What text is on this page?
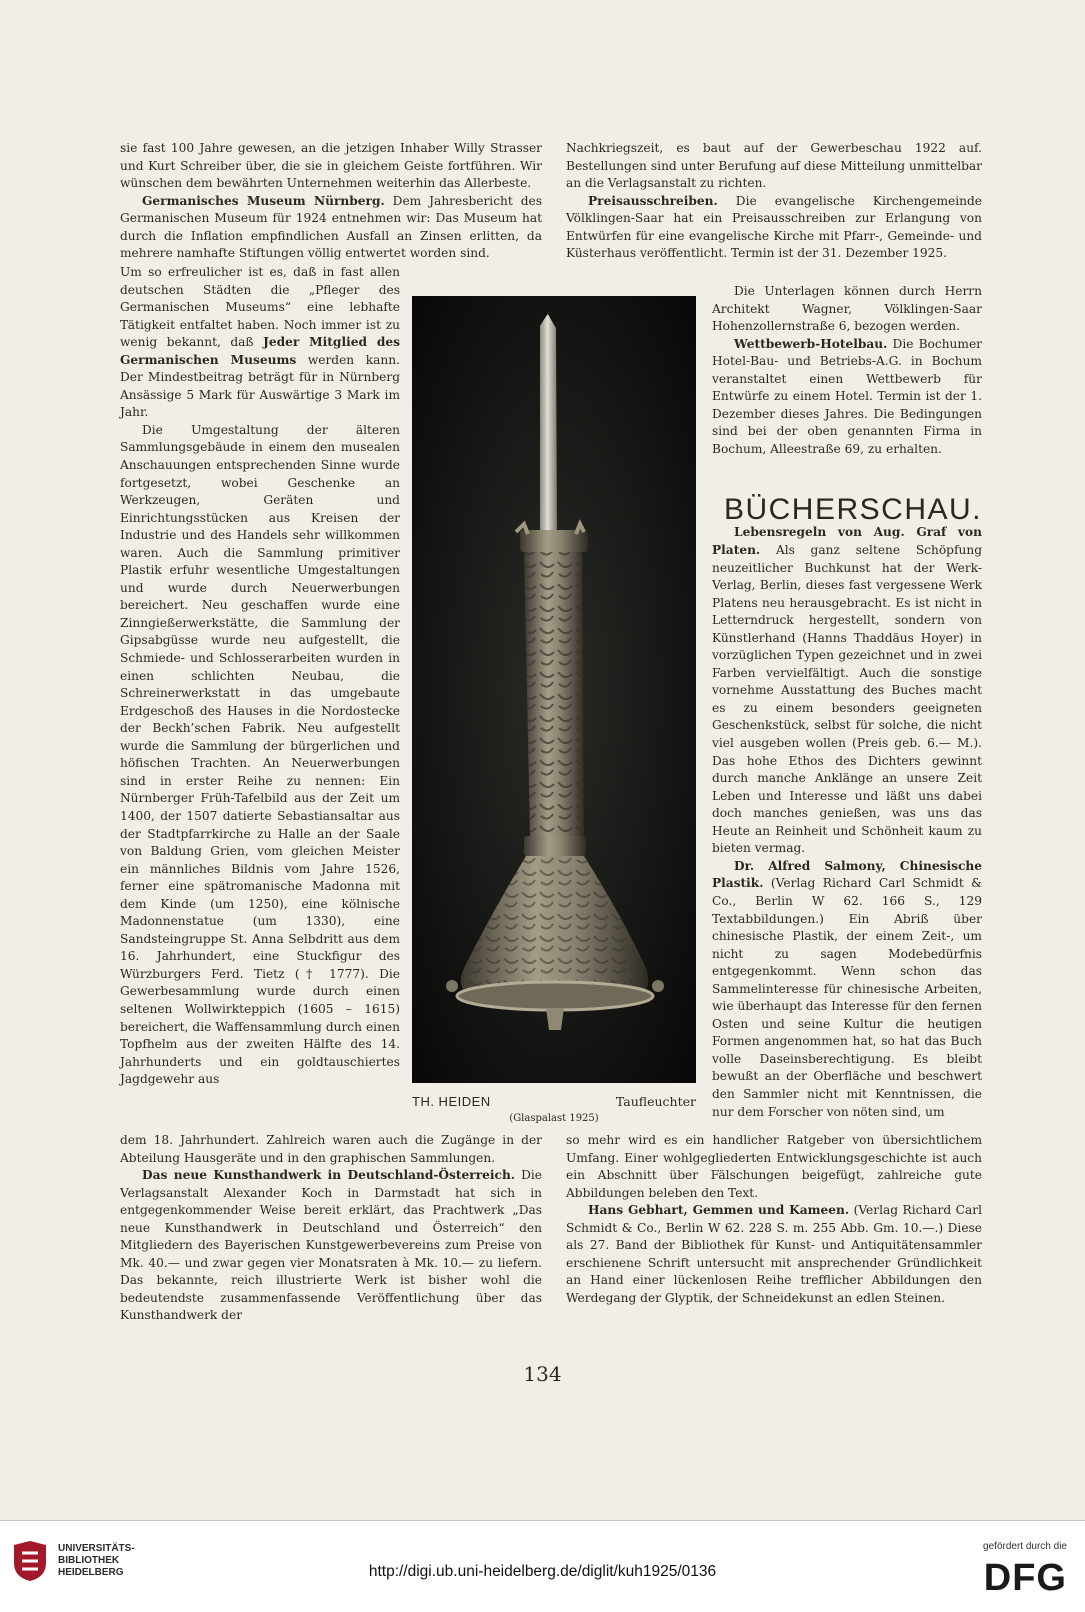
sie fast 100 Jahre gewesen, an die jetzigen Inhaber Willy Strasser und Kurt Schreiber über, die sie in gleichem Geiste fortführen. Wir wünschen dem bewährten Unternehmen weiterhin das Allerbeste.

Germanisches Museum Nürnberg. Dem Jahresbericht des Germanischen Museum für 1924 entnehmen wir: Das Museum hat durch die Inflation empfindlichen Ausfall an Zinsen erlitten, da mehrere namhafte Stiftungen völlig entwertet worden sind.

Um so erfreulicher ist es, daß in fast allen deutschen Städten die „Pfleger des Germanischen Museums“ eine lebhafte Tätigkeit entfaltet haben. Noch immer ist zu wenig bekannt, daß Jeder Mitglied des Germanischen Museums werden kann. Der Mindestbeitrag beträgt für in Nürnberg Ansässige 5 Mark für Auswärtige 3 Mark im Jahr.

Die Umgestaltung der älteren Sammlungsgebäude in einem den musealen Anschauungen entsprechenden Sinne wurde fortgesetzt, wobei Geschenke an Werkzeugen, Geräten und Einrichtungsstücken aus Kreisen der Industrie und des Handels sehr willkommen waren. Auch die Sammlung primitiver Plastik erfuhr wesentliche Umgestaltungen und wurde durch Neuerwerbungen bereichert. Neu geschaffen wurde eine Zinngießerwerkstätte, die Sammlung der Gipsabgüsse wurde neu aufgestellt, die Schmiede- und Schlosserarbeiten wurden in einen schlichten Neubau, die Schreinerwerkstatt in das umgebaute Erdgeschoß des Hauses in die Nordostecke der Beckh’schen Fabrik. Neu aufgestellt wurde die Sammlung der bürgerlichen und höfischen Trachten. An Neuerwerbungen sind in erster Reihe zu nennen: Ein Nürnberger Früh-Tafelbild aus der Zeit um 1400, der 1507 datierte Sebastiansaltar aus der Stadtpfarrkirche zu Halle an der Saale von Baldung Grien, vom gleichen Meister ein männliches Bildnis vom Jahre 1526, ferner eine spätromanische Madonna mit dem Kinde (um 1250), eine kölnische Madonnenstatue (um 1330), eine Sandsteingruppe St. Anna Selbdritt aus dem 16. Jahrhundert, eine Stuckfigur des Würzburgers Ferd. Tietz († 1777). Die Gewerbesammlung wurde durch einen seltenen Wollwirkteppich (1605 – 1615) bereichert, die Waffensammlung durch einen Topfhelm aus der zweiten Hälfte des 14. Jahrhunderts und ein goldtauschiertes Jagdgewehr aus

dem 18. Jahrhundert. Zahlreich waren auch die Zugänge in der Abteilung Hausgeräte und in den graphischen Sammlungen.

Das neue Kunsthandwerk in Deutschland-Österreich. Die Verlagsanstalt Alexander Koch in Darmstadt hat sich in entgegenkommender Weise bereit erklärt, das Prachtwerk „Das neue Kunsthandwerk in Deutschland und Österreich“ den Mitgliedern des Bayerischen Kunstgewerbevereins zum Preise von Mk. 40.— und zwar gegen vier Monatsraten à Mk. 10.— zu liefern. Das bekannte, reich illustrierte Werk ist bisher wohl die bedeutendste zusammenfassende Veröffentlichung über das Kunsthandwerk der

Nachkriegszeit, es baut auf der Gewerbeschau 1922 auf. Bestellungen sind unter Berufung auf diese Mitteilung unmittelbar an die Verlagsanstalt zu richten.

Preisausschreiben. Die evangelische Kirchengemeinde Völklingen-Saar hat ein Preisausschreiben zur Erlangung von Entwürfen für eine evangelische Kirche mit Pfarr-, Gemeinde- und Küsterhaus veröffentlicht. Termin ist der 31. Dezember 1925.

Die Unterlagen können durch Herrn Architekt Wagner, Völklingen-Saar Hohenzollernstraße 6, bezogen werden.

Wettbewerb-Hotelbau. Die Bochumer Hotel-Bau- und Betriebs-A.G. in Bochum veranstaltet einen Wettbewerb für Entwürfe zu einem Hotel. Termin ist der 1. Dezember dieses Jahres. Die Bedingungen sind bei der oben genannten Firma in Bochum, Alleestraße 69, zu erhalten.

Lebensregeln von Aug. Graf von Platen. Als ganz seltene Schöpfung neuzeitlicher Buchkunst hat der Werk-Verlag, Berlin, dieses fast vergessene Werk Platens neu herausgebracht. Es ist nicht in Letterndruck hergestellt, sondern von Künstlerhand (Hanns Thaddäus Hoyer) in vorzüglichen Typen gezeichnet und in zwei Farben vervielfältigt. Auch die sonstige vornehme Ausstattung des Buches macht es zu einem besonders geeigneten Geschenkstück, selbst für solche, die nicht viel ausgeben wollen (Preis geb. 6.— M.). Das hohe Ethos des Dichters gewinnt durch manche Anklänge an unsere Zeit Leben und Interesse und läßt uns dabei doch manches genießen, was uns das Heute an Reinheit und Schönheit kaum zu bieten vermag.

Dr. Alfred Salmony, Chinesische Plastik. (Verlag Richard Carl Schmidt & Co., Berlin W 62. 166 S., 129 Textabbildungen.) Ein Abriß über chinesische Plastik, der einem Zeit-, um nicht zu sagen Modebedürfnis entgegenkommt. Wenn schon das Sammelinteresse für chinesische Arbeiten, wie überhaupt das Interesse für den fernen Osten und seine Kultur die heutigen Formen angenommen hat, so hat das Buch volle Daseinsberechtigung. Es bleibt bewußt an der Oberfläche und beschwert den Sammler nicht mit Kenntnissen, die nur dem Forscher von nöten sind, um

BÜCHERSCHAU.

so mehr wird es ein handlicher Ratgeber von übersichtlichem Umfang. Einer wohlgegliederten Entwicklungsgeschichte ist auch ein Abschnitt über Fälschungen beigefügt, zahlreiche gute Abbildungen beleben den Text.

Hans Gebhart, Gemmen und Kameen. (Verlag Richard Carl Schmidt & Co., Berlin W 62. 228 S. m. 255 Abb. Gm. 10.—.) Diese als 27. Band der Bibliothek für Kunst- und Antiquitätensammler erschienene Schrift untersucht mit ansprechender Gründlichkeit an Hand einer lückenlosen Reihe trefflicher Abbildungen den Werdegang der Glyptik, der Schneidekunst an edlen Steinen.

TH. HEIDEN	Taufleuchter
(Glaspalast 1925)
134
UNIVERSITÄTS-
BIBLIOTHEK
HEIDELBERG	http://digi.ub.uni-heidelberg.de/diglit/kuh1925/0136
gefördert durch die
DFG
